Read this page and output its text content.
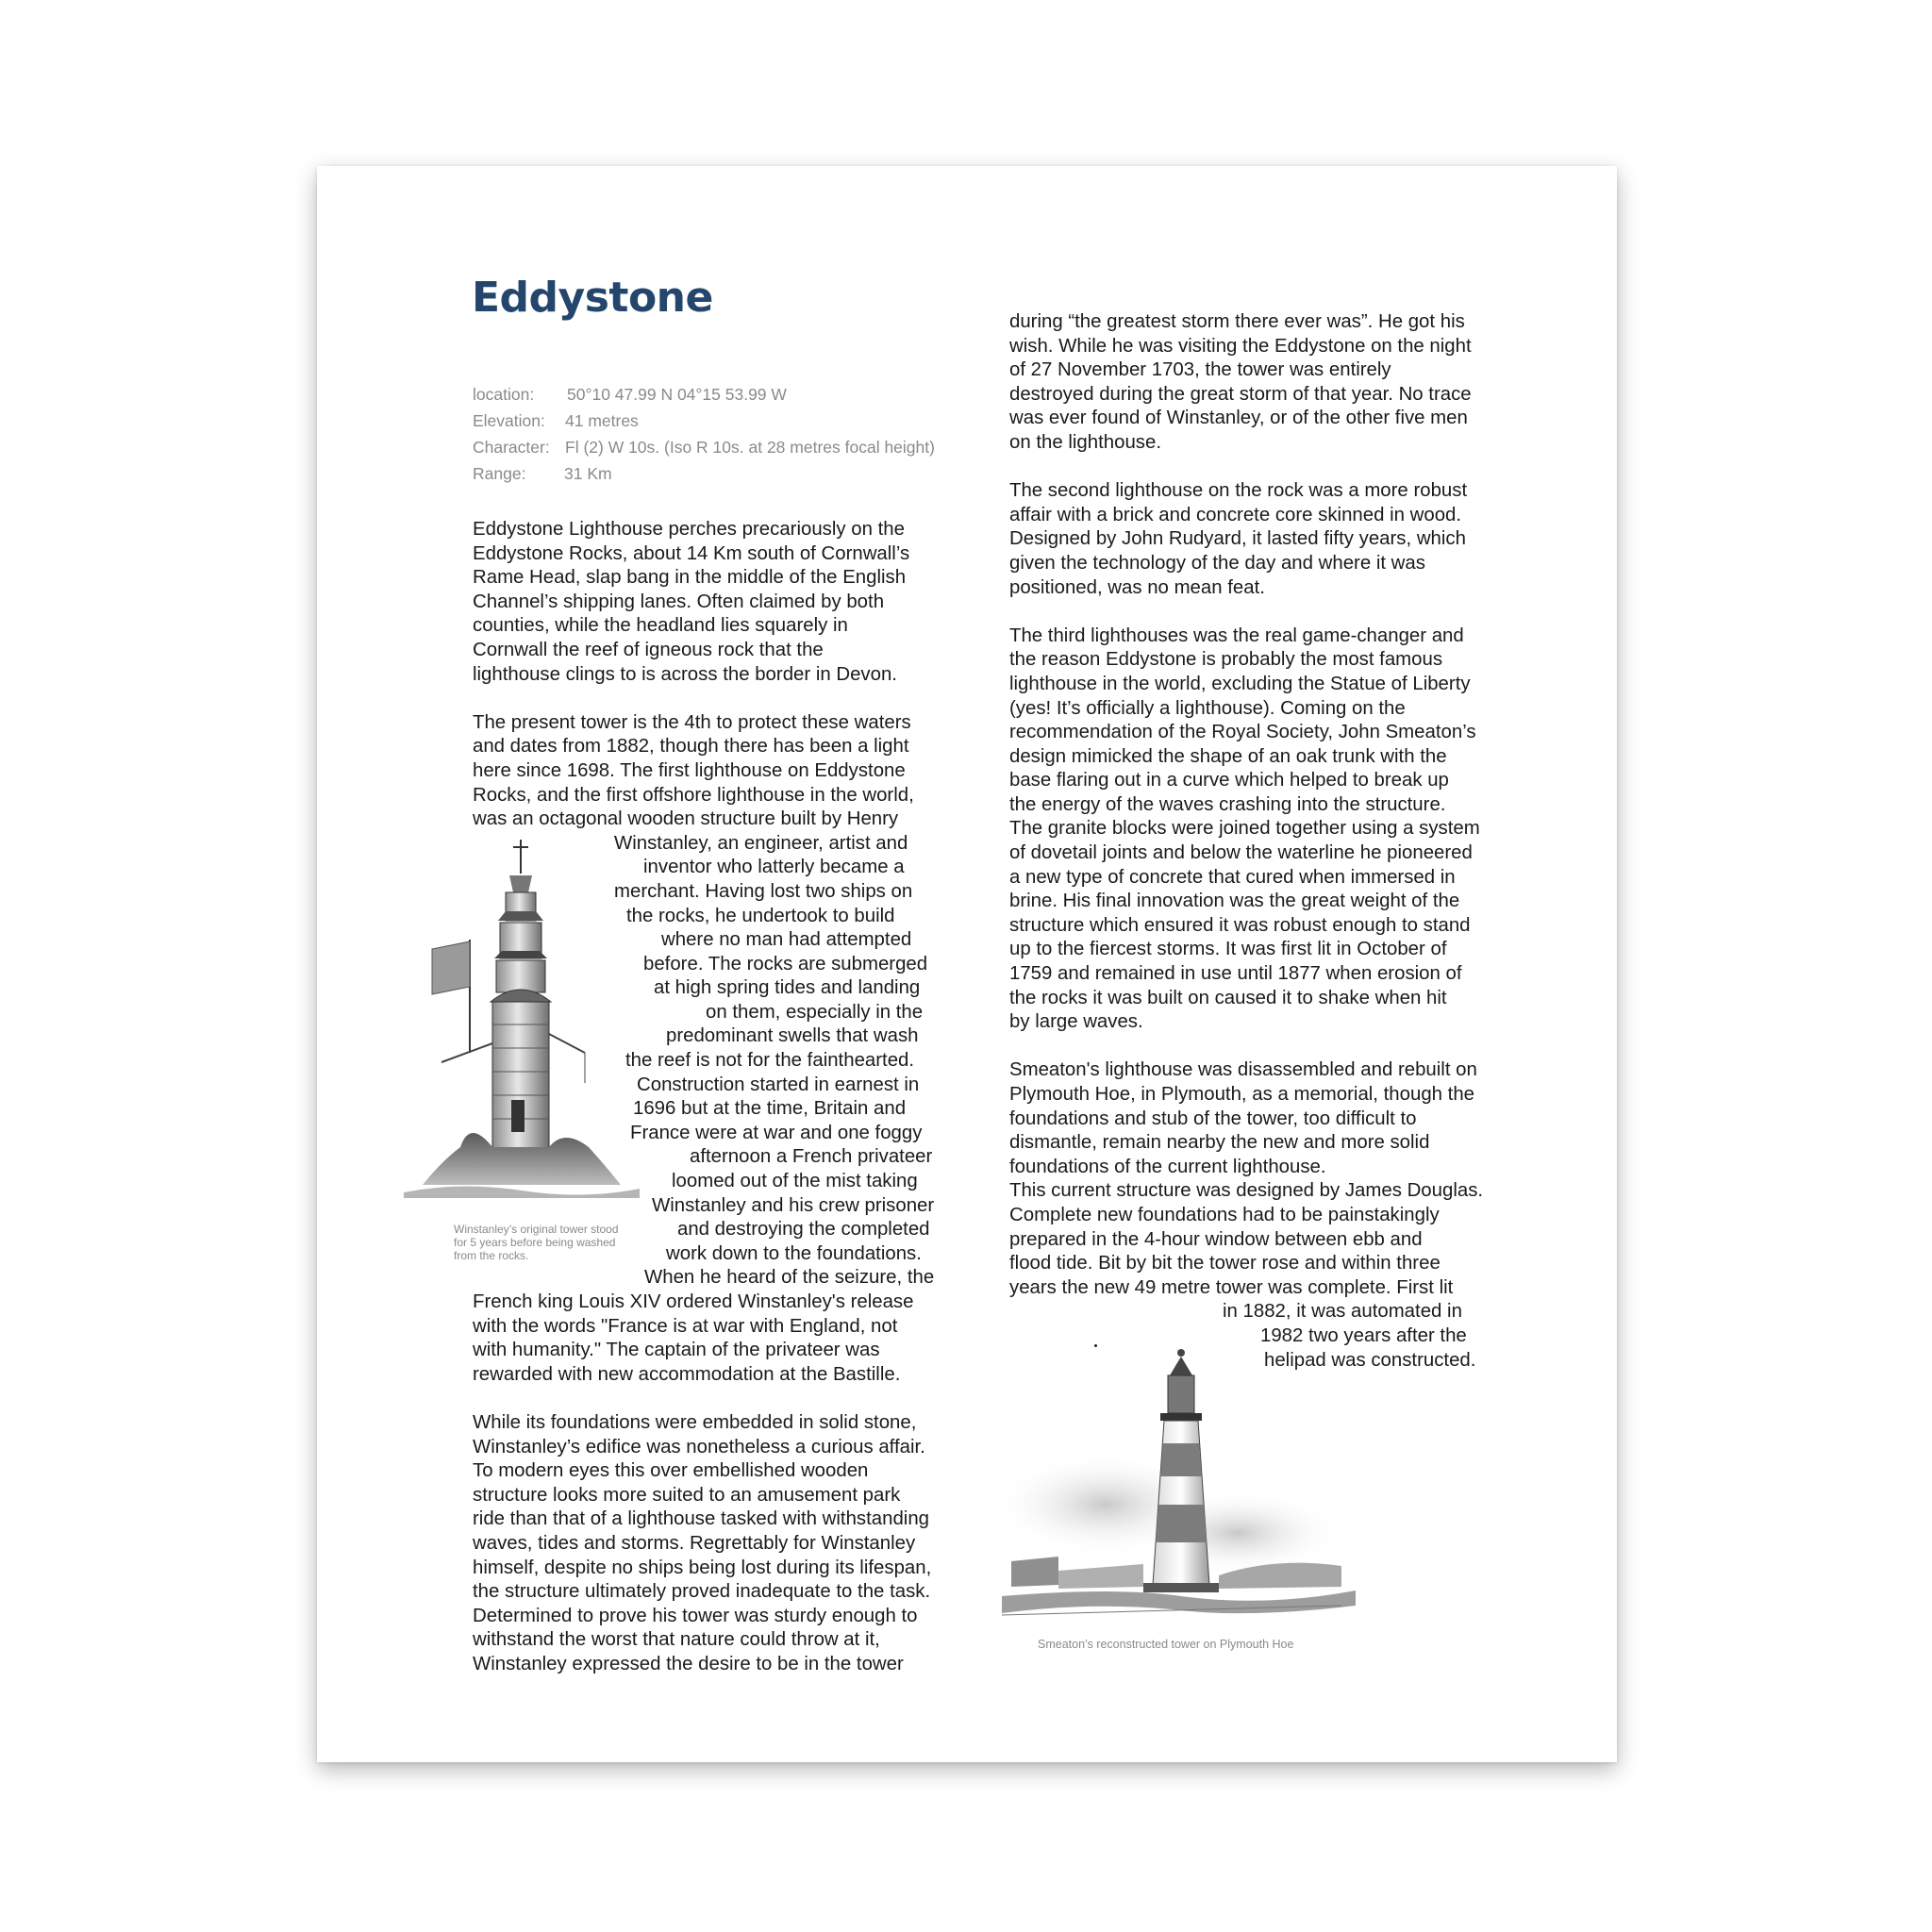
Eddystone
location:	50°10 47.99 N 04°15 53.99 W
Elevation:	41 metres
Character: Fl (2) W 10s. (Iso R 10s. at 28 metres focal height)
Range:	31 Km
Eddystone Lighthouse perches precariously on the
Eddystone Rocks, about 14 Km south of Cornwall’s
Rame Head, slap bang in the middle of the English
Channel’s shipping lanes. Often claimed by both
counties, while the headland lies squarely in
Cornwall the reef of igneous rock that the
lighthouse clings to is across the border in Devon.
The present tower is the 4th to protect these waters
and dates from 1882, though there has been a light
here since 1698. The first lighthouse on Eddystone
Rocks, and the first offshore lighthouse in the world,
was an octagonal wooden structure built by Henry
Winstanley, an engineer, artist and
inventor who latterly became a
merchant. Having lost two ships on
the rocks, he undertook to build
where no man had attempted
before. The rocks are submerged
at high spring tides and landing
on them, especially in the
predominant swells that wash
the reef is not for the fainthearted.
Construction started in earnest in
1696 but at the time, Britain and
France were at war and one foggy
afternoon a French privateer
loomed out of the mist taking
Winstanley and his crew prisoner
and destroying the completed
work down to the foundations.
When he heard of the seizure, the
French king Louis XIV ordered Winstanley's release
with the words "France is at war with England, not
with humanity." The captain of the privateer was
rewarded with new accommodation at the Bastille.
While its foundations were embedded in solid stone,
Winstanley’s edifice was nonetheless a curious affair.
To modern eyes this over embellished wooden
structure looks more suited to an amusement park
ride than that of a lighthouse tasked with withstanding
waves, tides and storms. Regrettably for Winstanley
himself, despite no ships being lost during its lifespan,
the structure ultimately proved inadequate to the task.
Determined to prove his tower was sturdy enough to
withstand the worst that nature could throw at it,
Winstanley expressed the desire to be in the tower
during “the greatest storm there ever was”. He got his
wish. While he was visiting the Eddystone on the night
of 27 November 1703, the tower was entirely
destroyed during the great storm of that year. No trace
was ever found of Winstanley, or of the other five men
on the lighthouse.
The second lighthouse on the rock was a more robust
affair with a brick and concrete core skinned in wood.
Designed by John Rudyard, it lasted fifty years, which
given the technology of the day and where it was
positioned, was no mean feat.
The third lighthouses was the real game-changer and
the reason Eddystone is probably the most famous
lighthouse in the world, excluding the Statue of Liberty
(yes! It’s officially a lighthouse). Coming on the
recommendation of the Royal Society, John Smeaton’s
design mimicked the shape of an oak trunk with the
base flaring out in a curve which helped to break up
the energy of the waves crashing into the structure.
The granite blocks were joined together using a system
of dovetail joints and below the waterline he pioneered
a new type of concrete that cured when immersed in
brine. His final innovation was the great weight of the
structure which ensured it was robust enough to stand
up to the fiercest storms. It was first lit in October of
1759 and remained in use until 1877 when erosion of
the rocks it was built on caused it to shake when hit
by large waves.
Smeaton's lighthouse was disassembled and rebuilt on
Plymouth Hoe, in Plymouth, as a memorial, though the
foundations and stub of the tower, too difficult to
dismantle, remain nearby the new and more solid
foundations of the current lighthouse.
This current structure was designed by James Douglas.
Complete new foundations had to be painstakingly
prepared in the 4-hour window between ebb and
flood tide. Bit by bit the tower rose and within three
years the new 49 metre tower was complete. First lit
in 1882, it was automated in
1982 two years after the
helipad was constructed.
Winstanley’s original tower stood
for 5 years before being washed
from the rocks.
Smeaton’s reconstructed tower on Plymouth Hoe
